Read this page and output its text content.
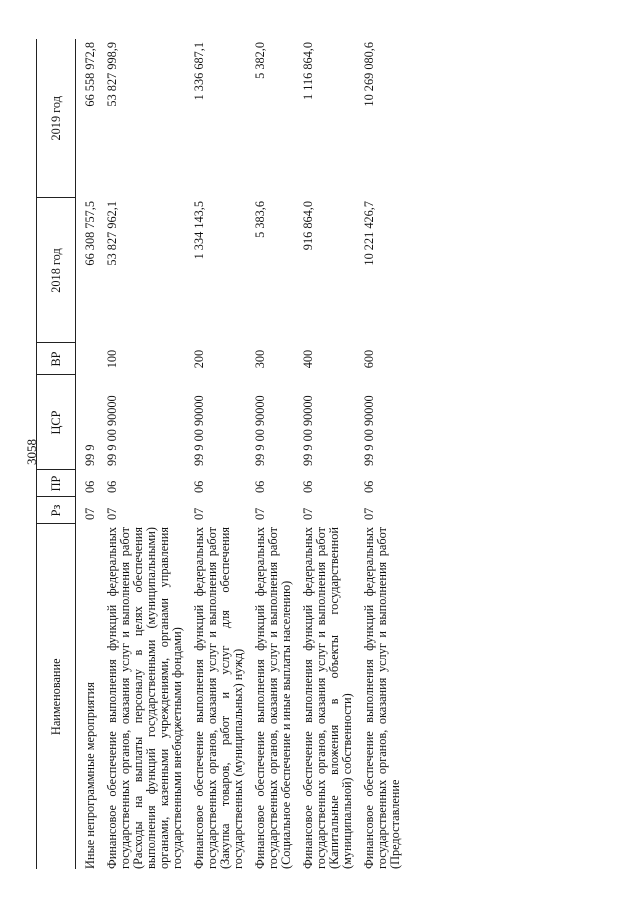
3058
Наименование	Рз	ПР	ЦСР	ВР	2018 год	2019 год
Иные непрограммные мероприятия	07	06	99 9		66 308 757,5	66 558 972,8
Финансовое обеспечение выполнения функций федеральных государственных органов, оказания услуг и выполнения работ (Расходы на выплаты персоналу в целях обеспечения выполнения функций государственными (муниципальными) органами, казенными учреждениями, органами управления государственными внебюджетными фондами)	07	06	99 9 00 90000	100	53 827 962,1	53 827 998,9
Финансовое обеспечение выполнения функций федеральных государственных органов, оказания услуг и выполнения работ (Закупка товаров, работ и услуг для обеспечения государственных (муниципальных) нужд)	07	06	99 9 00 90000	200	1 334 143,5	1 336 687,1
Финансовое обеспечение выполнения функций федеральных государственных органов, оказания услуг и выполнения работ (Социальное обеспечение и иные выплаты населению)	07	06	99 9 00 90000	300	5 383,6	5 382,0
Финансовое обеспечение выполнения функций федеральных государственных органов, оказания услуг и выполнения работ (Капитальные вложения в объекты государственной (муниципальной) собственности)	07	06	99 9 00 90000	400	916 864,0	1 116 864,0
Финансовое обеспечение выполнения функций федеральных государственных органов, оказания услуг и выполнения работ (Предоставление	07	06	99 9 00 90000	600	10 221 426,7	10 269 080,6
